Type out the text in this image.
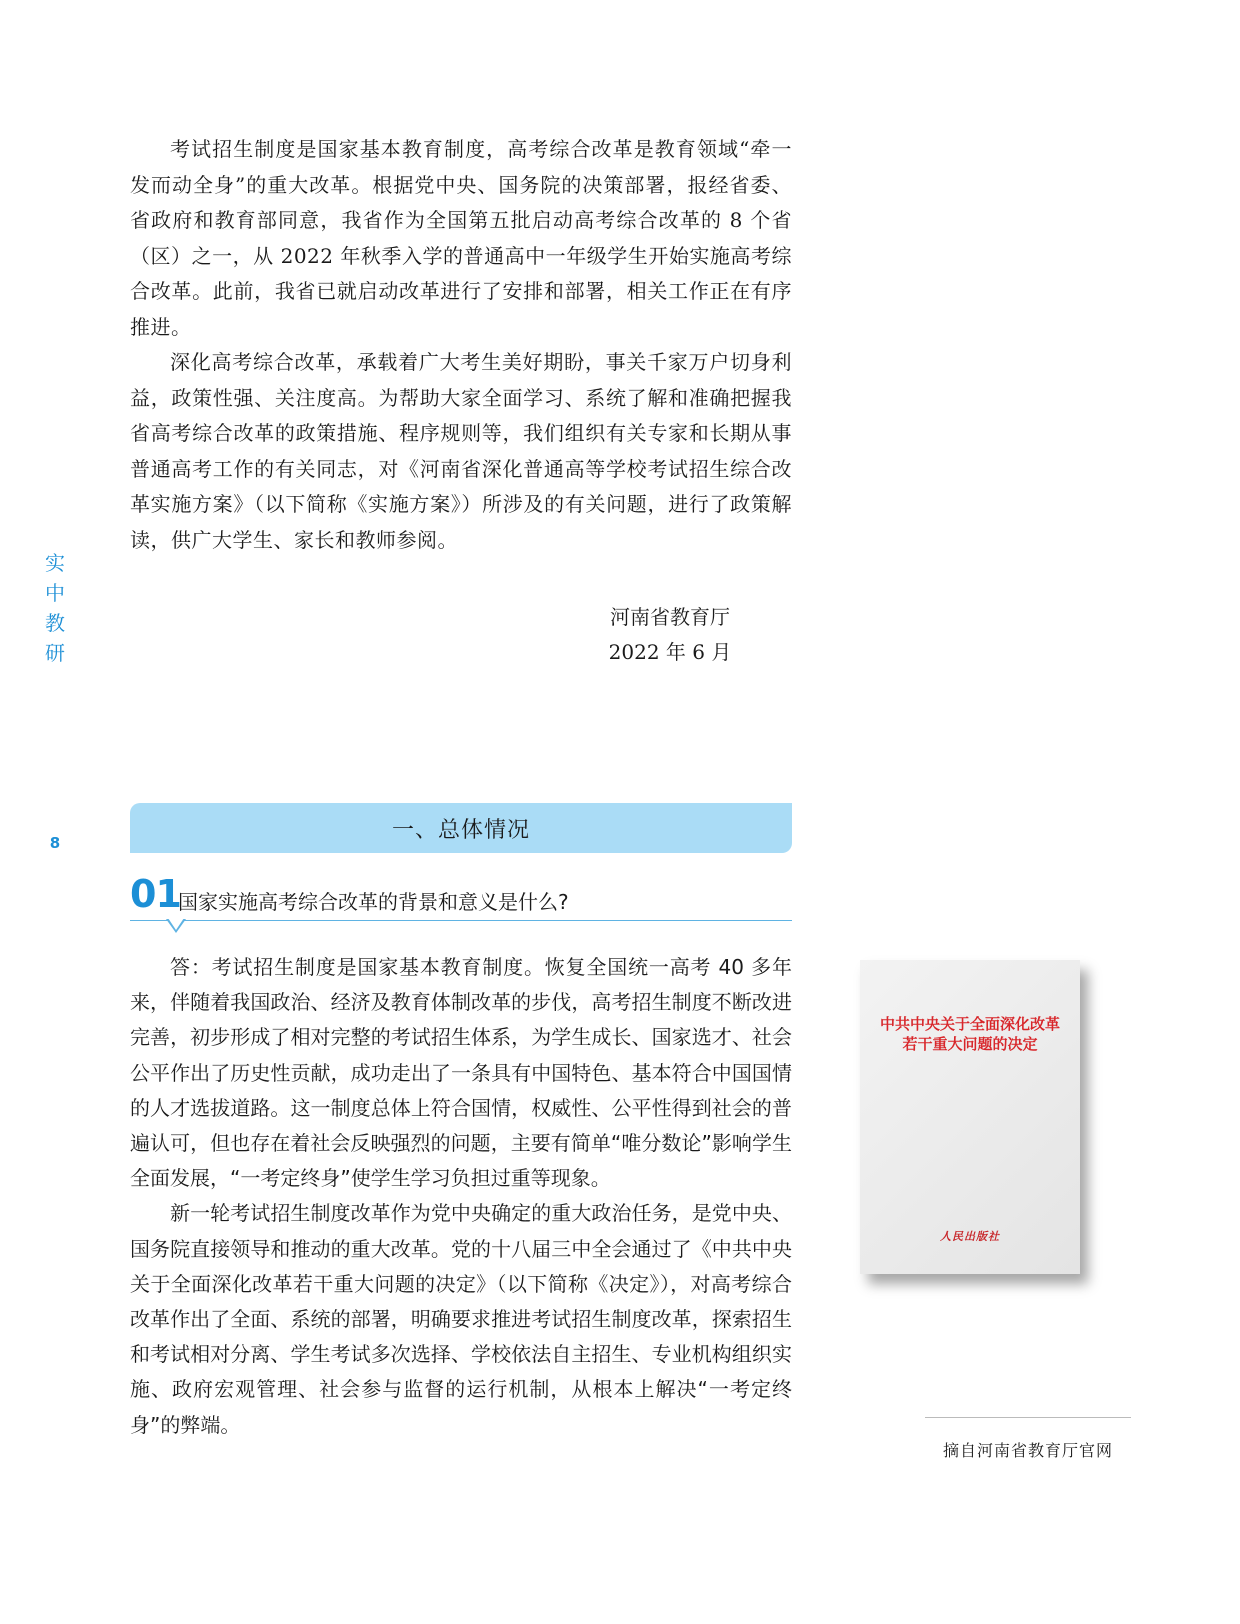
实中教研
8

考试招生制度是国家基本教育制度，高考综合改革是教育领域“牵一发而动全身”的重大改革。根据党中央、国务院的决策部署，报经省委、省政府和教育部同意，我省作为全国第五批启动高考综合改革的 8 个省（区）之一，从 2022 年秋季入学的普通高中一年级学生开始实施高考综合改革。此前，我省已就启动改革进行了安排和部署，相关工作正在有序推进。

深化高考综合改革，承载着广大考生美好期盼，事关千家万户切身利益，政策性强、关注度高。为帮助大家全面学习、系统了解和准确把握我省高考综合改革的政策措施、程序规则等，我们组织有关专家和长期从事普通高考工作的有关同志，对《河南省深化普通高等学校考试招生综合改革实施方案》（以下简称《实施方案》）所涉及的有关问题，进行了政策解读，供广大学生、家长和教师参阅。

河南省教育厅
2022 年 6 月
一、总体情况
01
国家实施高考综合改革的背景和意义是什么?

答：考试招生制度是国家基本教育制度。恢复全国统一高考 40 多年来，伴随着我国政治、经济及教育体制改革的步伐，高考招生制度不断改进完善，初步形成了相对完整的考试招生体系，为学生成长、国家选才、社会公平作出了历史性贡献，成功走出了一条具有中国特色、基本符合中国国情的人才选拔道路。这一制度总体上符合国情，权威性、公平性得到社会的普遍认可，但也存在着社会反映强烈的问题，主要有简单“唯分数论”影响学生全面发展，“一考定终身”使学生学习负担过重等现象。

新一轮考试招生制度改革作为党中央确定的重大政治任务，是党中央、国务院直接领导和推动的重大改革。党的十八届三中全会通过了《中共中央关于全面深化改革若干重大问题的决定》（以下简称《决定》），对高考综合改革作出了全面、系统的部署，明确要求推进考试招生制度改革，探索招生和考试相对分离、学生考试多次选择、学校依法自主招生、专业机构组织实施、政府宏观管理、社会参与监督的运行机制，从根本上解决“一考定终身”的弊端。

中共中央关于全面深化改革
若干重大问题的决定
人民出版社
摘自河南省教育厅官网
